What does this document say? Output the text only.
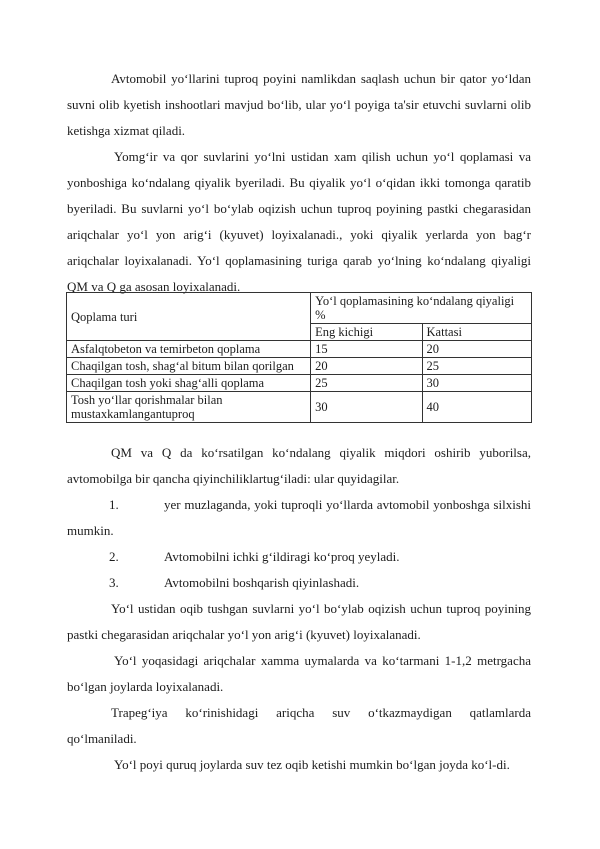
Avtomobil yo‘llarini tuproq poyini namlikdan saqlash uchun bir qator yo‘ldan suvni olib kyetish inshootlari mavjud bo‘lib, ular yo‘l poyiga ta'sir etuvchi suvlarni olib ketishga xizmat qiladi.

Yomg‘ir va qor suvlarini yo‘lni ustidan xam qilish uchun yo‘l qoplamasi va yonboshiga ko‘ndalang qiyalik byeriladi. Bu qiyalik yo‘l o‘qidan ikki tomonga qaratib byeriladi. Bu suvlarni yo‘l bo‘ylab oqizish uchun tuproq poyining pastki chegarasidan ariqchalar yo‘l yon arig‘i (kyuvet) loyixalanadi., yoki qiyalik yerlarda yon bag‘r ariqchalar loyixalanadi. Yo‘l qoplamasining turiga qarab yo‘lning ko‘ndalang qiyaligi QM va Q ga asosan loyixalanadi.

Qoplama turi	Yo‘l qoplamasining ko‘ndalang qiyaligi %	
	Eng kichigi	Kattasi
Asfalqtobeton va temirbeton qoplama	15	20
Chaqilgan tosh, shag‘al bitum bilan qorilgan	20	25
Chaqilgan tosh yoki shag‘alli qoplama	25	30
Tosh yo‘llar qorishmalar bilan mustaxkamlangantuproq	30	40

QM va Q da ko‘rsatilgan ko‘ndalang qiyalik miqdori oshirib yuborilsa, avtomobilga bir qancha qiyinchiliklartug‘iladi: ular quyidagilar.

1.	yer muzlaganda, yoki tuproqli yo‘llarda avtomobil yonboshga silxishi mumkin.

2.	Avtomobilni ichki g‘ildiragi ko‘proq yeyladi.

3.	Avtomobilni boshqarish qiyinlashadi.

Yo‘l ustidan oqib tushgan suvlarni yo‘l bo‘ylab oqizish uchun tuproq poyining pastki chegarasidan ariqchalar yo‘l yon arig‘i (kyuvet) loyixalanadi.

Yo‘l yoqasidagi ariqchalar xamma uymalarda va ko‘tarmani 1-1,2 metrgacha bo‘lgan joylarda loyixalanadi.

Trapeg‘iya ko‘rinishidagi ariqcha suv o‘tkazmaydigan qatlamlarda qo‘lmaniladi.

Yo‘l poyi quruq joylarda suv tez oqib ketishi mumkin bo‘lgan joyda ko‘l-di.
